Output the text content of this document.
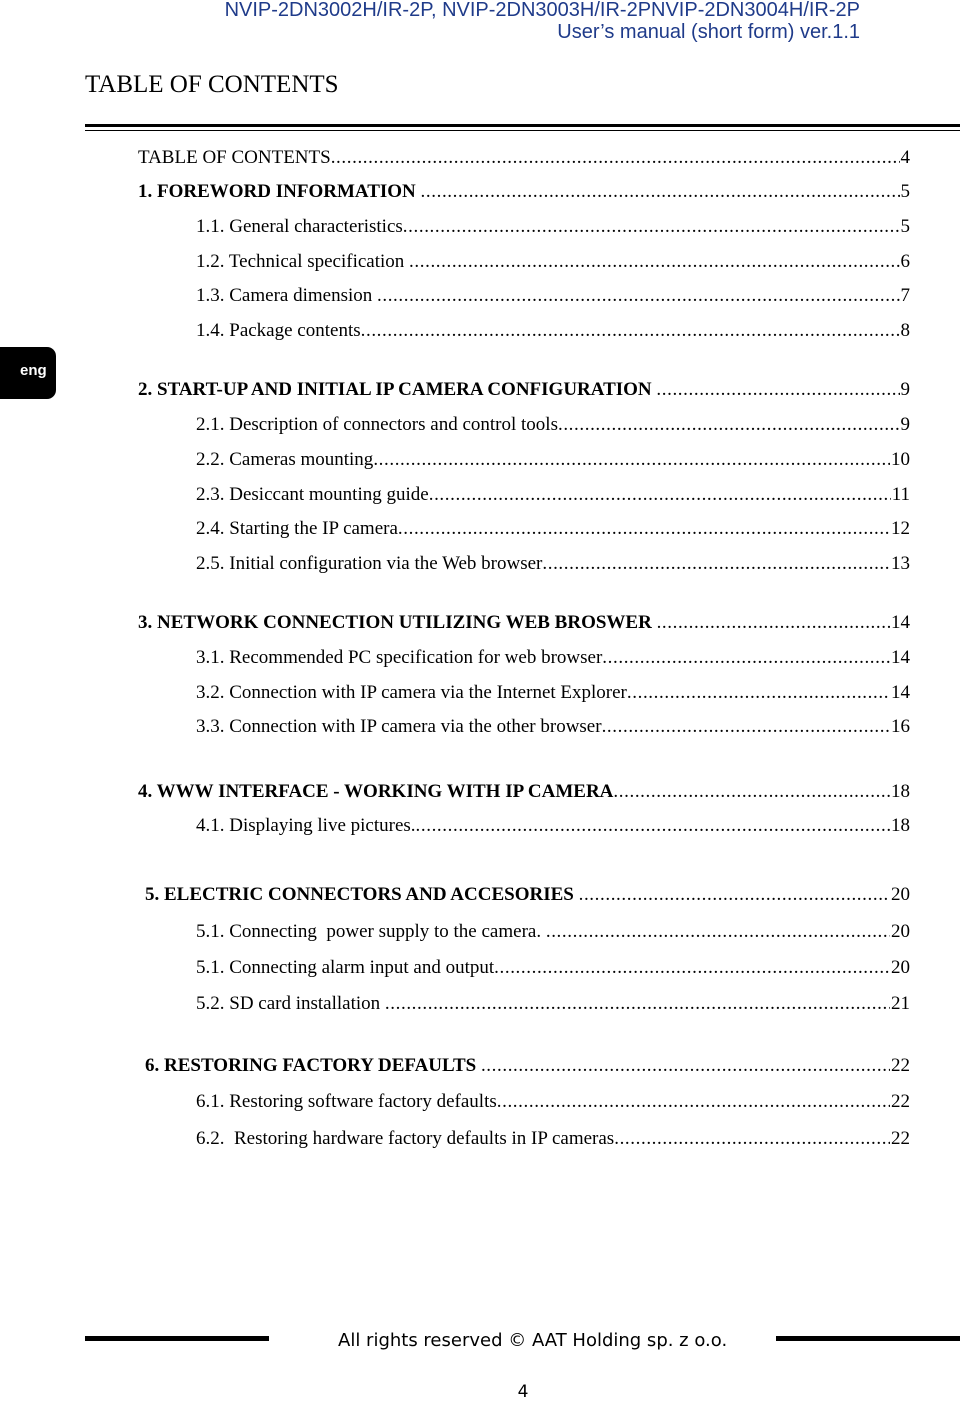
NVIP-2DN3002H/IR-2P, NVIP-2DN3003H/IR-2PNVIP-2DN3004H/IR-2P
User’s manual (short form) ver.1.1
TABLE OF CONTENTS
eng
TABLE OF CONTENTS .....	4
1. FOREWORD INFORMATION .....	5
1.1. General characteristics .....	5
1.2. Technical specification .....	6
1.3. Camera dimension .....	7
1.4. Package contents .....	8
2. START-UP AND INITIAL IP CAMERA CONFIGURATION .....	9
2.1. Description of connectors and control tools .....	9
2.2. Cameras mounting .....	10
2.3. Desiccant mounting guide .....	11
2.4. Starting the IP camera .....	12
2.5. Initial configuration via the Web browser .....	13
3. NETWORK CONNECTION UTILIZING WEB BROSWER .....	14
3.1. Recommended PC specification for web browser .....	14
3.2. Connection with IP camera via the Internet Explorer .....	14
3.3. Connection with IP camera via the other browser .....	16
4. WWW INTERFACE - WORKING WITH IP CAMERA .....	18
4.1. Displaying live pictures. .....	18
5. ELECTRIC CONNECTORS AND ACCESORIES .....	20
5.1. Connecting  power supply to the camera. .....	20
5.1. Connecting alarm input and output .....	20
5.2. SD card installation .....	21
6. RESTORING FACTORY DEFAULTS .....	22
6.1. Restoring software factory defaults .....	22
6.2.  Restoring hardware factory defaults in IP cameras .....	22
All rights reserved © AAT Holding sp. z o.o.
4
